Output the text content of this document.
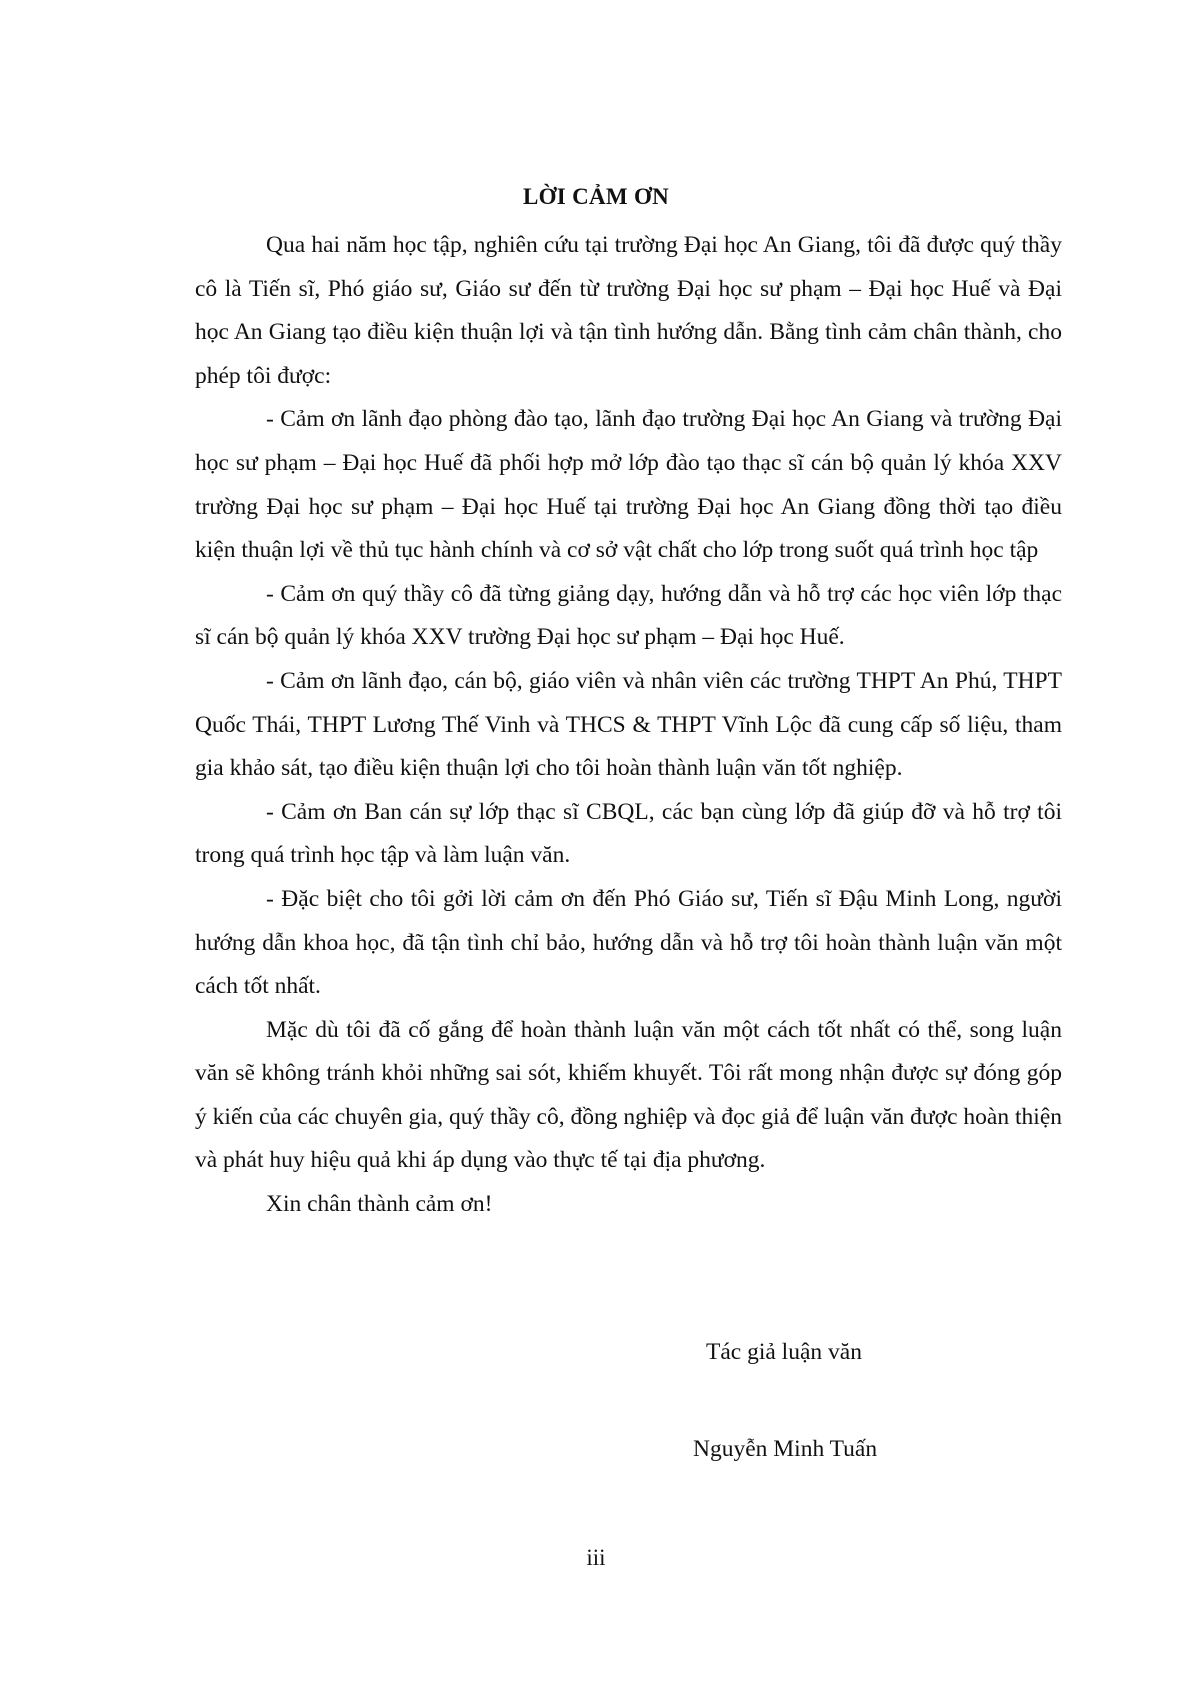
LỜI CẢM ƠN

Qua hai năm học tập, nghiên cứu tại trường Đại học An Giang, tôi đã được quý thầy cô là Tiến sĩ, Phó giáo sư, Giáo sư đến từ trường Đại học sư phạm – Đại học Huế và Đại học An Giang tạo điều kiện thuận lợi và tận tình hướng dẫn. Bằng tình cảm chân thành, cho phép tôi được:

- Cảm ơn lãnh đạo phòng đào tạo, lãnh đạo trường Đại học An Giang và trường Đại học sư phạm – Đại học Huế đã phối hợp mở lớp đào tạo thạc sĩ cán bộ quản lý khóa XXV trường Đại học sư phạm – Đại học Huế tại trường Đại học An Giang đồng thời tạo điều kiện thuận lợi về thủ tục hành chính và cơ sở vật chất cho lớp trong suốt quá trình học tập

- Cảm ơn quý thầy cô đã từng giảng dạy, hướng dẫn và hỗ trợ các học viên lớp thạc sĩ cán bộ quản lý khóa XXV trường Đại học sư phạm – Đại học Huế.

- Cảm ơn lãnh đạo, cán bộ, giáo viên và nhân viên các trường THPT An Phú, THPT Quốc Thái, THPT Lương Thế Vinh và THCS & THPT Vĩnh Lộc đã cung cấp số liệu, tham gia khảo sát, tạo điều kiện thuận lợi cho tôi hoàn thành luận văn tốt nghiệp.

- Cảm ơn Ban cán sự lớp thạc sĩ CBQL, các bạn cùng lớp đã giúp đỡ và hỗ trợ tôi trong quá trình học tập và làm luận văn.

- Đặc biệt cho tôi gởi lời cảm ơn đến Phó Giáo sư, Tiến sĩ Đậu Minh Long, người hướng dẫn khoa học, đã tận tình chỉ bảo, hướng dẫn và hỗ trợ tôi hoàn thành luận văn một cách tốt nhất.

Mặc dù tôi đã cố gắng để hoàn thành luận văn một cách tốt nhất có thể, song luận văn sẽ không tránh khỏi những sai sót, khiếm khuyết. Tôi rất mong nhận được sự đóng góp ý kiến của các chuyên gia, quý thầy cô, đồng nghiệp và đọc giả để luận văn được hoàn thiện và phát huy hiệu quả khi áp dụng vào thực tế tại địa phương.

Xin chân thành cảm ơn!

Tác giả luận văn
Nguyễn Minh Tuấn
iii
